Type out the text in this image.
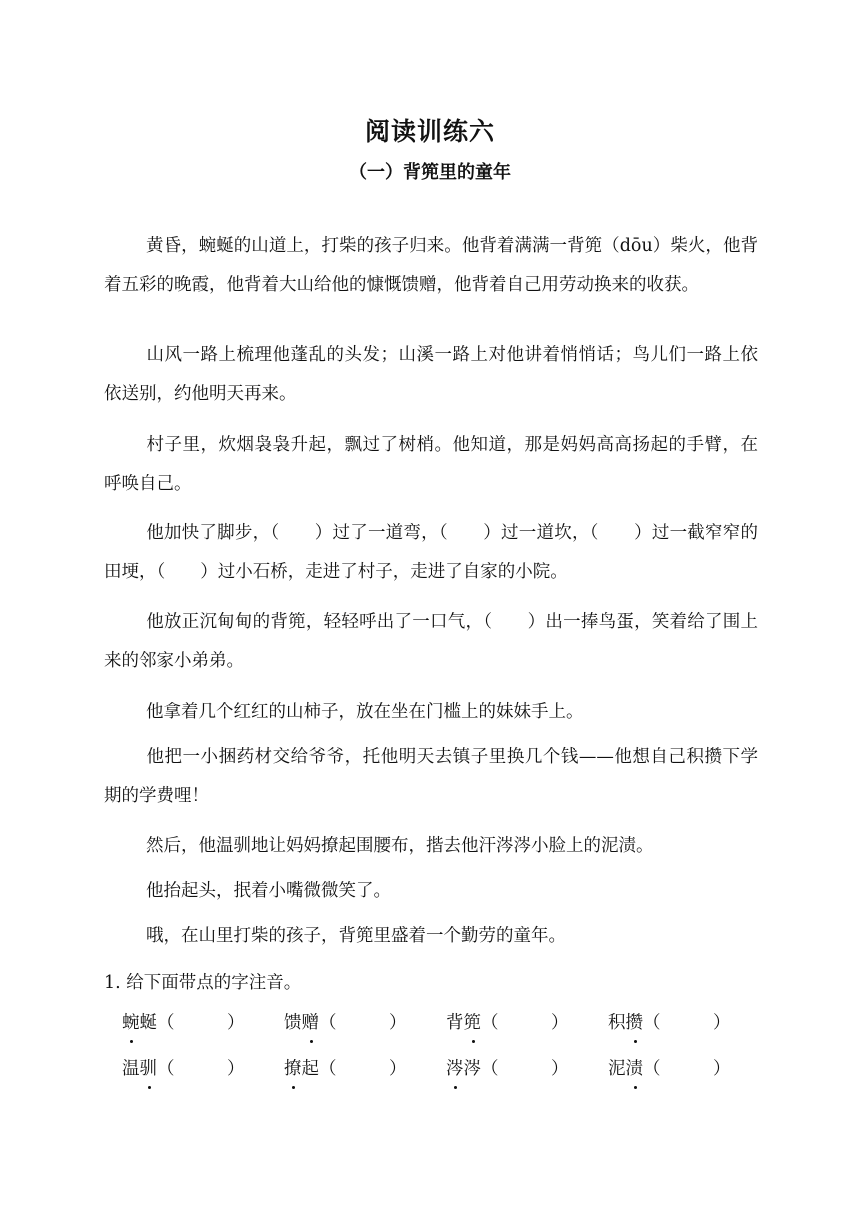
阅读训练六
（一）背篼里的童年
黄昏，蜿蜒的山道上，打柴的孩子归来。他背着满满一背篼（dōu）柴火，他背着五彩的晚霞，他背着大山给他的慷慨馈赠，他背着自己用劳动换来的收获。
山风一路上梳理他蓬乱的头发；山溪一路上对他讲着悄悄话；鸟儿们一路上依依送别，约他明天再来。
村子里，炊烟袅袅升起，飘过了树梢。他知道，那是妈妈高高扬起的手臂，在呼唤自己。
他加快了脚步，（　　）过了一道弯，（　　）过一道坎，（　　）过一截窄窄的田埂，（　　）过小石桥，走进了村子，走进了自家的小院。
他放正沉甸甸的背篼，轻轻呼出了一口气，（　　）出一捧鸟蛋，笑着给了围上来的邻家小弟弟。
他拿着几个红红的山柿子，放在坐在门槛上的妹妹手上。
他把一小捆药材交给爷爷，托他明天去镇子里换几个钱——他想自己积攒下学期的学费哩！
然后，他温驯地让妈妈撩起围腰布，揩去他汗涔涔小脸上的泥渍。
他抬起头，抿着小嘴微微笑了。
哦，在山里打柴的孩子，背篼里盛着一个勤劳的童年。
1. 给下面带点的字注音。
蜿蜒
（　　　） 馈赠
（　　　） 背篼
（　　　） 积攒
（　　　）
温驯
（　　　） 撩起
（　　　） 涔涔
（　　　） 泥渍
（　　　）
